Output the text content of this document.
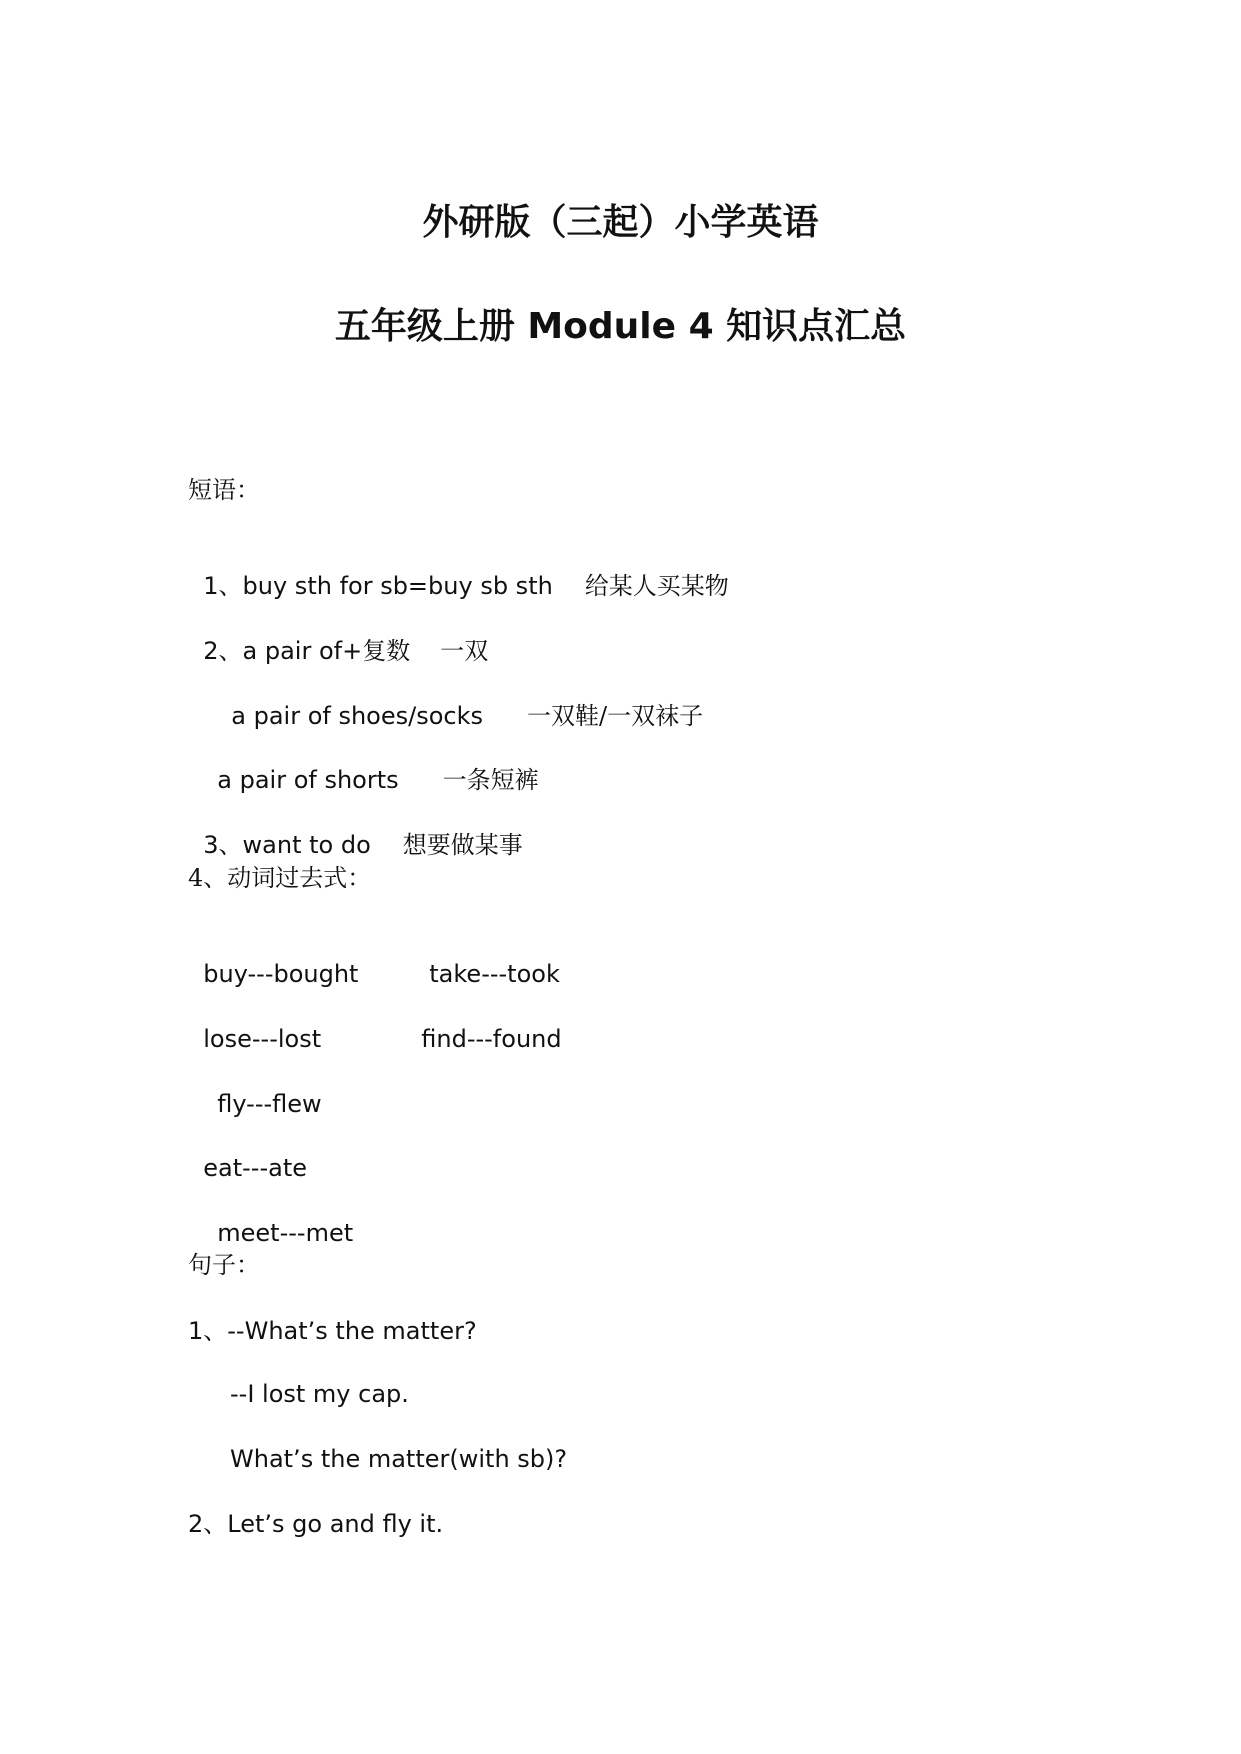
外研版（三起）小学英语
五年级上册 Module 4 知识点汇总
短语：

1、buy sth for sb=buy sb sth 给某人买某物

2、a pair of+复数 一双

a pair of shoes/socks 一双鞋/一双袜子

a pair of shorts 一条短裤

3、want to do 想要做某事

4、动词过去式：

buy---bought	take---took

lose---lost	find---found

fly---flew

eat---ate

meet---met

句子：
1、--What’s the matter?
--I lost my cap.
What’s the matter(with sb)?
2、Let’s go and fly it.
